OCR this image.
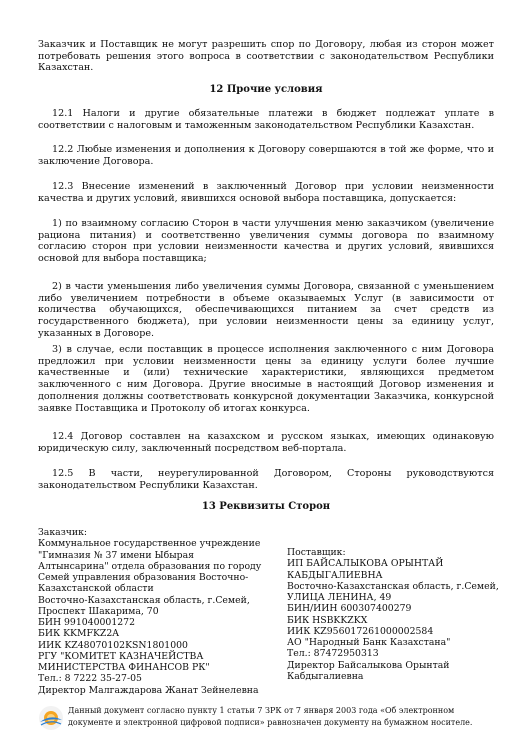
Заказчик и Поставщик не могут разрешить спор по Договору, любая из сторон может потребовать решения этого вопроса в соответствии с законодательством Республики Казахстан.

12 Прочие условия

12.1 Налоги и другие обязательные платежи в бюджет подлежат уплате в соответствии с налоговым и таможенным законодательством Республики Казахстан.

12.2 Любые изменения и дополнения к Договору совершаются в той же форме, что и заключение Договора.

12.3 Внесение изменений в заключенный Договор при условии неизменности качества и других условий, явившихся основой выбора поставщика, допускается:

1) по взаимному согласию Сторон в части улучшения меню заказчиком (увеличение рациона питания) и соответственно увеличения суммы договора по взаимному согласию сторон при условии неизменности качества и других условий, явившихся основой для выбора поставщика;

2) в части уменьшения либо увеличения суммы Договора, связанной с уменьшением либо увеличением потребности в объеме оказываемых Услуг (в зависимости от количества обучающихся, обеспечивающихся питанием за счет средств из государственного бюджета), при условии неизменности цены за единицу услуг, указанных в Договоре.

3) в случае, если поставщик в процессе исполнения заключенного с ним Договора предложил при условии неизменности цены за единицу услуги более лучшие качественные и (или) технические характеристики, являющихся предметом заключенного с ним Договора. Другие вносимые в настоящий Договор изменения и дополнения должны соответствовать конкурсной документации Заказчика, конкурсной заявке Поставщика и Протоколу об итогах конкурса.

12.4 Договор составлен на казахском и русском языках, имеющих одинаковую юридическую силу, заключенный посредством веб-портала.

12.5 В части, неурегулированной Договором, Стороны руководствуются законодательством Республики Казахстан.

13 Реквизиты Сторон

Заказчик:
Коммунальное государственное учреждение
"Гимназия № 37 имени Ыбырая
Алтынсарина" отдела образования по городу
Семей управления образования Восточно-
Казахстанской области
Восточно-Казахстанская область, г.Семей,
Проспект Шакарима, 70
БИН 991040001272
БИК KKMFKZ2A
ИИК KZ48070102KSN1801000
РГУ "КОМИТЕТ КАЗНАЧЕЙСТВА
МИНИСТЕРСТВА ФИНАНСОВ РК"
Тел.: 8 7222 35-27-05
Директор Малгаждарова Жанат Зейнелевна
Поставщик:
ИП БАЙСАЛЫКОВА ОРЫНТАЙ
КАБДЫГАЛИЕВНА
Восточно-Казахстанская область, г.Семей,
УЛИЦА ЛЕНИНА, 49
БИН/ИИН 600307400279
БИК HSBKKZKX
ИИК KZ956017261000002584
АО "Народный Банк Казахстана"
Тел.: 87472950313
Директор Байсалыкова Орынтай
Кабдыгалиевна

Данный документ согласно пункту 1 статьи 7 ЗРК от 7 января 2003 года «Об электронном документе и электронной цифровой подписи» равнозначен документу на бумажном носителе.
